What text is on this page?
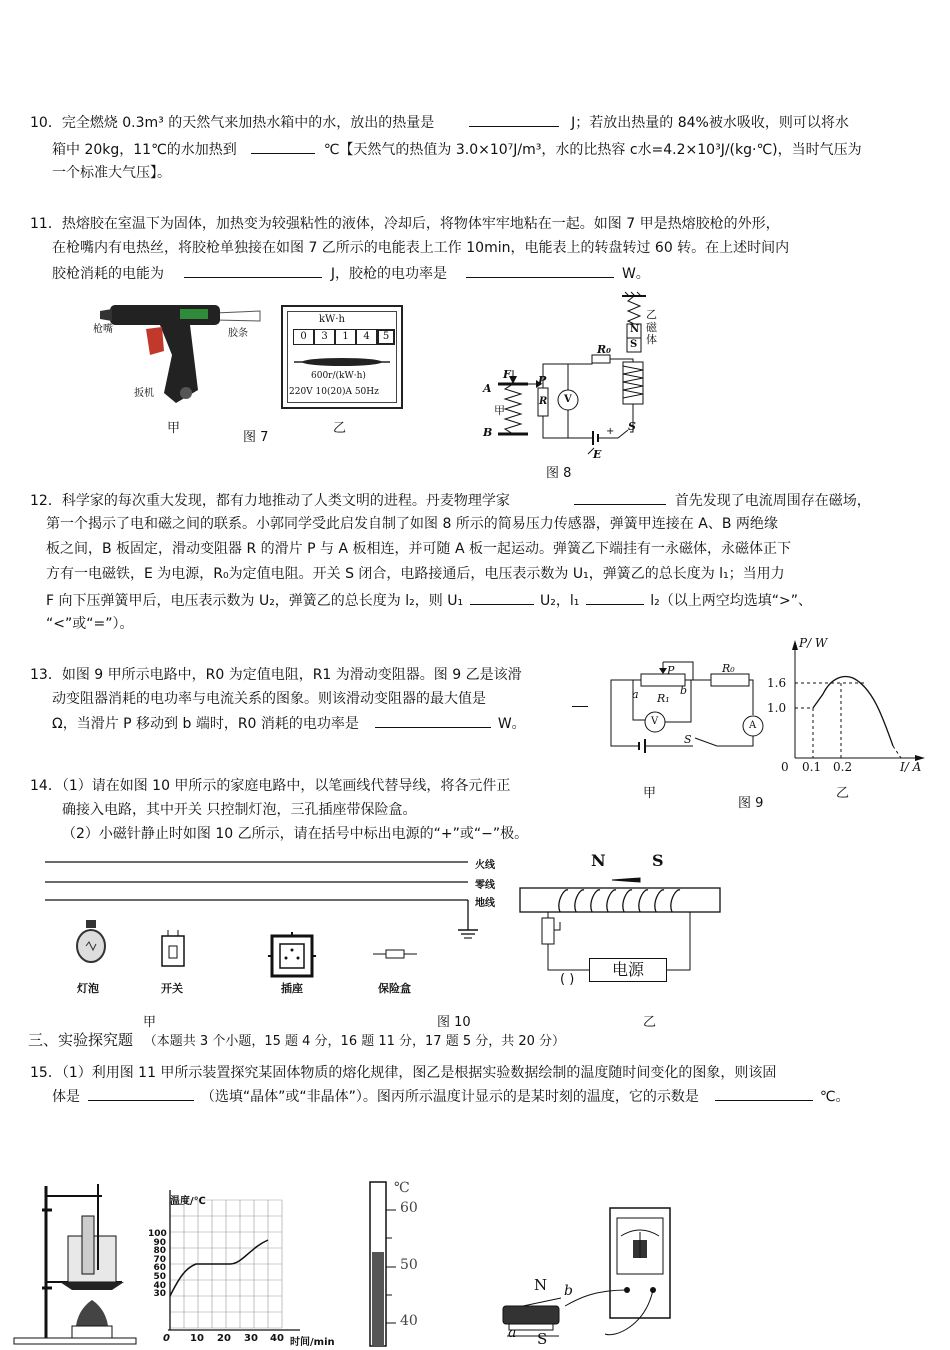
10．完全燃烧 0.3m³ 的天然气来加热水箱中的水，放出的热量是	J；若放出热量的 84%被水吸收，则可以将水
箱中 20kg，11℃的水加热到	℃【天然气的热值为 3.0×10⁷J/m³，水的比热容 c水=4.2×10³J/(kg·℃)，当时气压为
一个标准大气压】。
11．热熔胶在室温下为固体，加热变为较强粘性的液体，冷却后，将物体牢牢地粘在一起。如图 7 甲是热熔胶枪的外形，
在枪嘴内有电热丝，将胶枪单独接在如图 7 乙所示的电能表上工作 10min，电能表上的转盘转过 60 转。在上述时间内
胶枪消耗的电能为	J，胶枪的电功率是	W。
枪嘴	胶条
扳机
甲
图 7
乙
kW·h
0	3	1	4	5
600r/(kW·h)
220V 10(20)A 50Hz	A
B
F
甲
P
R
R₀
V
S
E
N
S
乙
磁体
+
图 8
12．科学家的每次重大发现，都有力地推动了人类文明的进程。丹麦物理学家	首先发现了电流周围存在磁场，
第一个揭示了电和磁之间的联系。小郭同学受此启发自制了如图 8 所示的简易压力传感器，弹簧甲连接在 A、B 两绝缘
板之间，B 板固定，滑动变阻器 R 的滑片 P 与 A 板相连，并可随 A 板一起运动。弹簧乙下端挂有一永磁体，永磁体正下
方有一电磁铁，E 为电源，R₀为定值电阻。开关 S 闭合，电路接通后，电压表示数为 U₁，弹簧乙的总长度为 l₁；当用力
F 向下压弹簧甲后，电压表示数为 U₂，弹簧乙的总长度为 l₂，则 U₁	U₂，l₁	l₂（以上两空均选填“>”、
“<”或“=”）。
13．如图 9 甲所示电路中，R0 为定值电阻，R1 为滑动变阻器。图 9 乙是该滑
动变阻器消耗的电功率与电流关系的图象。则该滑动变阻器的最大值是
Ω，当滑片 P 移动到 b 端时，R0 消耗的电功率是	W。
P
R₁
R₀
a	b
V	A
S
甲
图 9
P/ W
1.6
1.0
0 0.1 0.2	I/ A
乙
14．（1）请在如图 10 甲所示的家庭电路中，以笔画线代替导线，将各元件正
确接入电路，其中开关 只控制灯泡，三孔插座带保险盒。
（2）小磁针静止时如图 10 乙所示，请在括号中标出电源的“+”或“−”极。
火线
零线
地线
灯泡	开关	插座	保险盒
甲	图 10
N	S
电源
( )
乙
三、实验探究题 （本题共 3 个小题，15 题 4 分，16 题 11 分，17 题 5 分，共 20 分）
15．（1）利用图 11 甲所示装置探究某固体物质的熔化规律，图乙是根据实验数据绘制的温度随时间变化的图象，则该固
体是	（选填“晶体”或“非晶体”）。图丙所示温度计显示的是某时刻的温度，它的示数是	℃。
温度/℃
100
90
80
70
60
50
40
30
0 10 20 30 40 时间/min
℃
60
50
40
N
S
a
b
